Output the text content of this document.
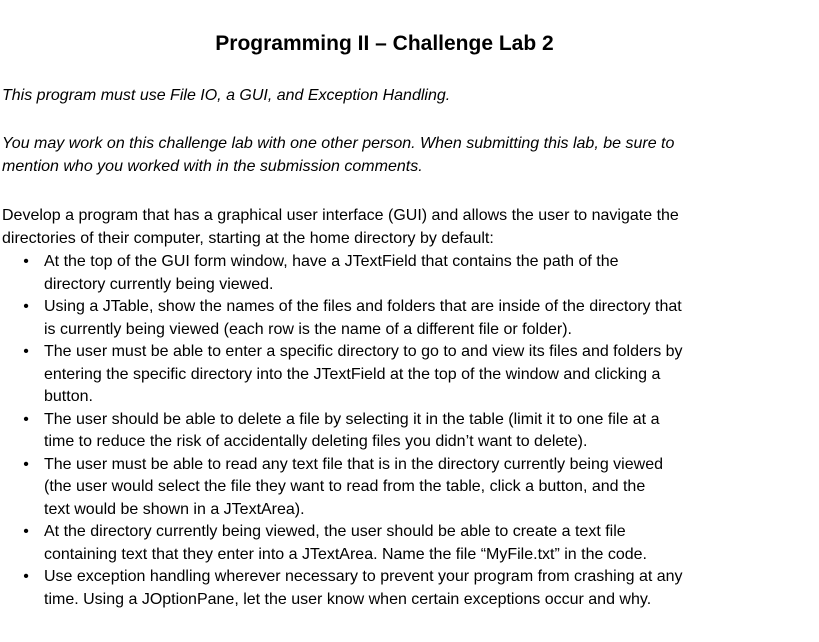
Programming II – Challenge Lab 2

This program must use File IO, a GUI, and Exception Handling.

You may work on this challenge lab with one other person. When submitting this lab, be sure to
mention who you worked with in the submission comments.

Develop a program that has a graphical user interface (GUI) and allows the user to navigate the
directories of their computer, starting at the home directory by default:

• At the top of the GUI form window, have a JTextField that contains the path of the
directory currently being viewed.
• Using a JTable, show the names of the files and folders that are inside of the directory that
is currently being viewed (each row is the name of a different file or folder).
• The user must be able to enter a specific directory to go to and view its files and folders by
entering the specific directory into the JTextField at the top of the window and clicking a
button.
• The user should be able to delete a file by selecting it in the table (limit it to one file at a
time to reduce the risk of accidentally deleting files you didn’t want to delete).
• The user must be able to read any text file that is in the directory currently being viewed
(the user would select the file they want to read from the table, click a button, and the
text would be shown in a JTextArea).
• At the directory currently being viewed, the user should be able to create a text file
containing text that they enter into a JTextArea. Name the file “MyFile.txt” in the code.
• Use exception handling wherever necessary to prevent your program from crashing at any
time. Using a JOptionPane, let the user know when certain exceptions occur and why.
